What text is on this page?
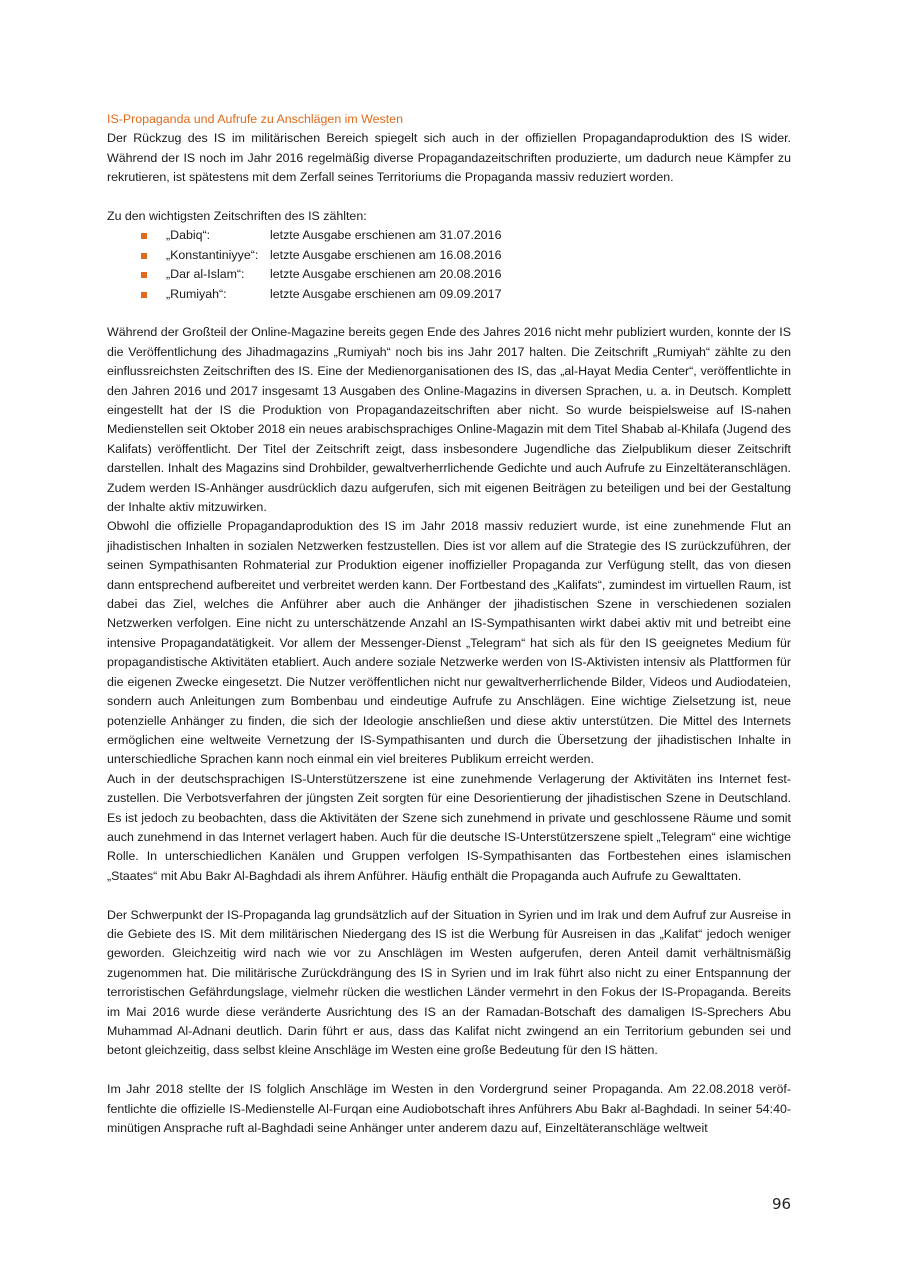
IS-Propaganda und Aufrufe zu Anschlägen im Westen

Der Rückzug des IS im militärischen Bereich spiegelt sich auch in der offiziellen Propagandaproduktion des IS wider. Während der IS noch im Jahr 2016 regelmäßig diverse Propagandazeitschriften produzierte, um dadurch neue Kämpfer zu rekrutieren, ist spätestens mit dem Zerfall seines Territoriums die Propaganda massiv reduziert worden.

Zu den wichtigsten Zeitschriften des IS zählten:

„Dabiq“:	letzte Ausgabe erschienen am 31.07.2016
„Konstantiniyye“: letzte Ausgabe erschienen am 16.08.2016
„Dar al-Islam“: letzte Ausgabe erschienen am 20.08.2016
„Rumiyah“:	letzte Ausgabe erschienen am 09.09.2017

Während der Großteil der Online-Magazine bereits gegen Ende des Jahres 2016 nicht mehr publiziert wurden, konnte der IS die Veröffentlichung des Jihadmagazins „Rumiyah“ noch bis ins Jahr 2017 halten. Die Zeitschrift „Rumiyah“ zählte zu den einflussreichsten Zeitschriften des IS. Eine der Medienorganisationen des IS, das „al-Hayat Media Center“, veröffentlichte in den Jahren 2016 und 2017 insgesamt 13 Ausgaben des Online-Magazins in diversen Sprachen, u. a. in Deutsch. Komplett eingestellt hat der IS die Produktion von Propagandazeitschriften aber nicht. So wurde beispielsweise auf IS-nahen Medienstellen seit Oktober 2018 ein neues arabischsprachiges Online-Magazin mit dem Titel Shabab al-Khilafa (Jugend des Kalifats) veröffentlicht. Der Titel der Zeitschrift zeigt, dass insbesondere Jugendliche das Zielpublikum dieser Zeitschrift darstellen. Inhalt des Magazins sind Drohbilder, gewaltverherrlichende Gedichte und auch Aufrufe zu Einzeltäteranschlägen. Zudem werden IS-Anhänger ausdrücklich dazu aufgerufen, sich mit eigenen Beiträgen zu beteiligen und bei der Gestaltung der Inhalte aktiv mitzuwirken.

Obwohl die offizielle Propagandaproduktion des IS im Jahr 2018 massiv reduziert wurde, ist eine zunehmende Flut an jihadistischen Inhalten in sozialen Netzwerken festzustellen. Dies ist vor allem auf die Strategie des IS zurückzuführen, der seinen Sympathisanten Rohmaterial zur Produktion eigener inoffizieller Propaganda zur Verfügung stellt, das von diesen dann entsprechend aufbereitet und verbreitet werden kann. Der Fortbestand des „Kalifats“, zumindest im virtuellen Raum, ist dabei das Ziel, welches die Anführer aber auch die Anhänger der jihadistischen Szene in verschiedenen sozialen Netzwerken verfolgen. Eine nicht zu unterschätzende Anzahl an IS-Sympathisanten wirkt dabei aktiv mit und betreibt eine intensive Propagandatätigkeit. Vor allem der Messenger-Dienst „Telegram“ hat sich als für den IS geeignetes Medium für propagandistische Aktivitäten etabliert. Auch andere soziale Netzwerke werden von IS-Aktivisten intensiv als Plattformen für die eigenen Zwecke eingesetzt. Die Nutzer veröffentlichen nicht nur gewaltverherrlichende Bilder, Videos und Audiodateien, sondern auch Anleitungen zum Bombenbau und eindeutige Aufrufe zu Anschlägen. Eine wichtige Zielsetzung ist, neue potenzielle Anhänger zu finden, die sich der Ideologie anschließen und diese aktiv unterstützen. Die Mittel des Internets ermöglichen eine weltweite Vernetzung der IS-Sympathisanten und durch die Übersetzung der jihadistischen Inhalte in unterschiedliche Sprachen kann noch einmal ein viel breiteres Publikum erreicht werden.

Auch in der deutschsprachigen IS-Unterstützerszene ist eine zunehmende Verlagerung der Aktivitäten ins Internet festzustellen. Die Verbotsverfahren der jüngsten Zeit sorgten für eine Desorientierung der jihadistischen Szene in Deutschland. Es ist jedoch zu beobachten, dass die Aktivitäten der Szene sich zunehmend in private und geschlossene Räume und somit auch zunehmend in das Internet verlagert haben. Auch für die deutsche IS-Unterstützerszene spielt „Telegram“ eine wichtige Rolle. In unterschiedlichen Kanälen und Gruppen verfolgen IS-Sympathisanten das Fortbestehen eines islamischen „Staates“ mit Abu Bakr Al-Baghdadi als ihrem Anführer. Häufig enthält die Propaganda auch Aufrufe zu Gewalttaten.

Der Schwerpunkt der IS-Propaganda lag grundsätzlich auf der Situation in Syrien und im Irak und dem Aufruf zur Ausreise in die Gebiete des IS. Mit dem militärischen Niedergang des IS ist die Werbung für Ausreisen in das „Kalifat“ jedoch weniger geworden. Gleichzeitig wird nach wie vor zu Anschlägen im Westen aufgerufen, deren Anteil damit verhältnismäßig zugenommen hat. Die militärische Zurückdrängung des IS in Syrien und im Irak führt also nicht zu einer Entspannung der terroristischen Gefährdungslage, vielmehr rücken die westlichen Länder vermehrt in den Fokus der IS-Propaganda. Bereits im Mai 2016 wurde diese veränderte Ausrichtung des IS an der Ramadan-Botschaft des damaligen IS-Sprechers Abu Muhammad Al-Adnani deutlich. Darin führt er aus, dass das Kalifat nicht zwingend an ein Territorium gebunden sei und betont gleichzeitig, dass selbst kleine Anschläge im Westen eine große Bedeutung für den IS hätten.

Im Jahr 2018 stellte der IS folglich Anschläge im Westen in den Vordergrund seiner Propaganda. Am 22.08.2018 veröffentlichte die offizielle IS-Medienstelle Al-Furqan eine Audiobotschaft ihres Anführers Abu Bakr al-Baghdadi. In seiner 54:40-minütigen Ansprache ruft al-Baghdadi seine Anhänger unter anderem dazu auf, Einzeltäteranschläge weltweit

96
